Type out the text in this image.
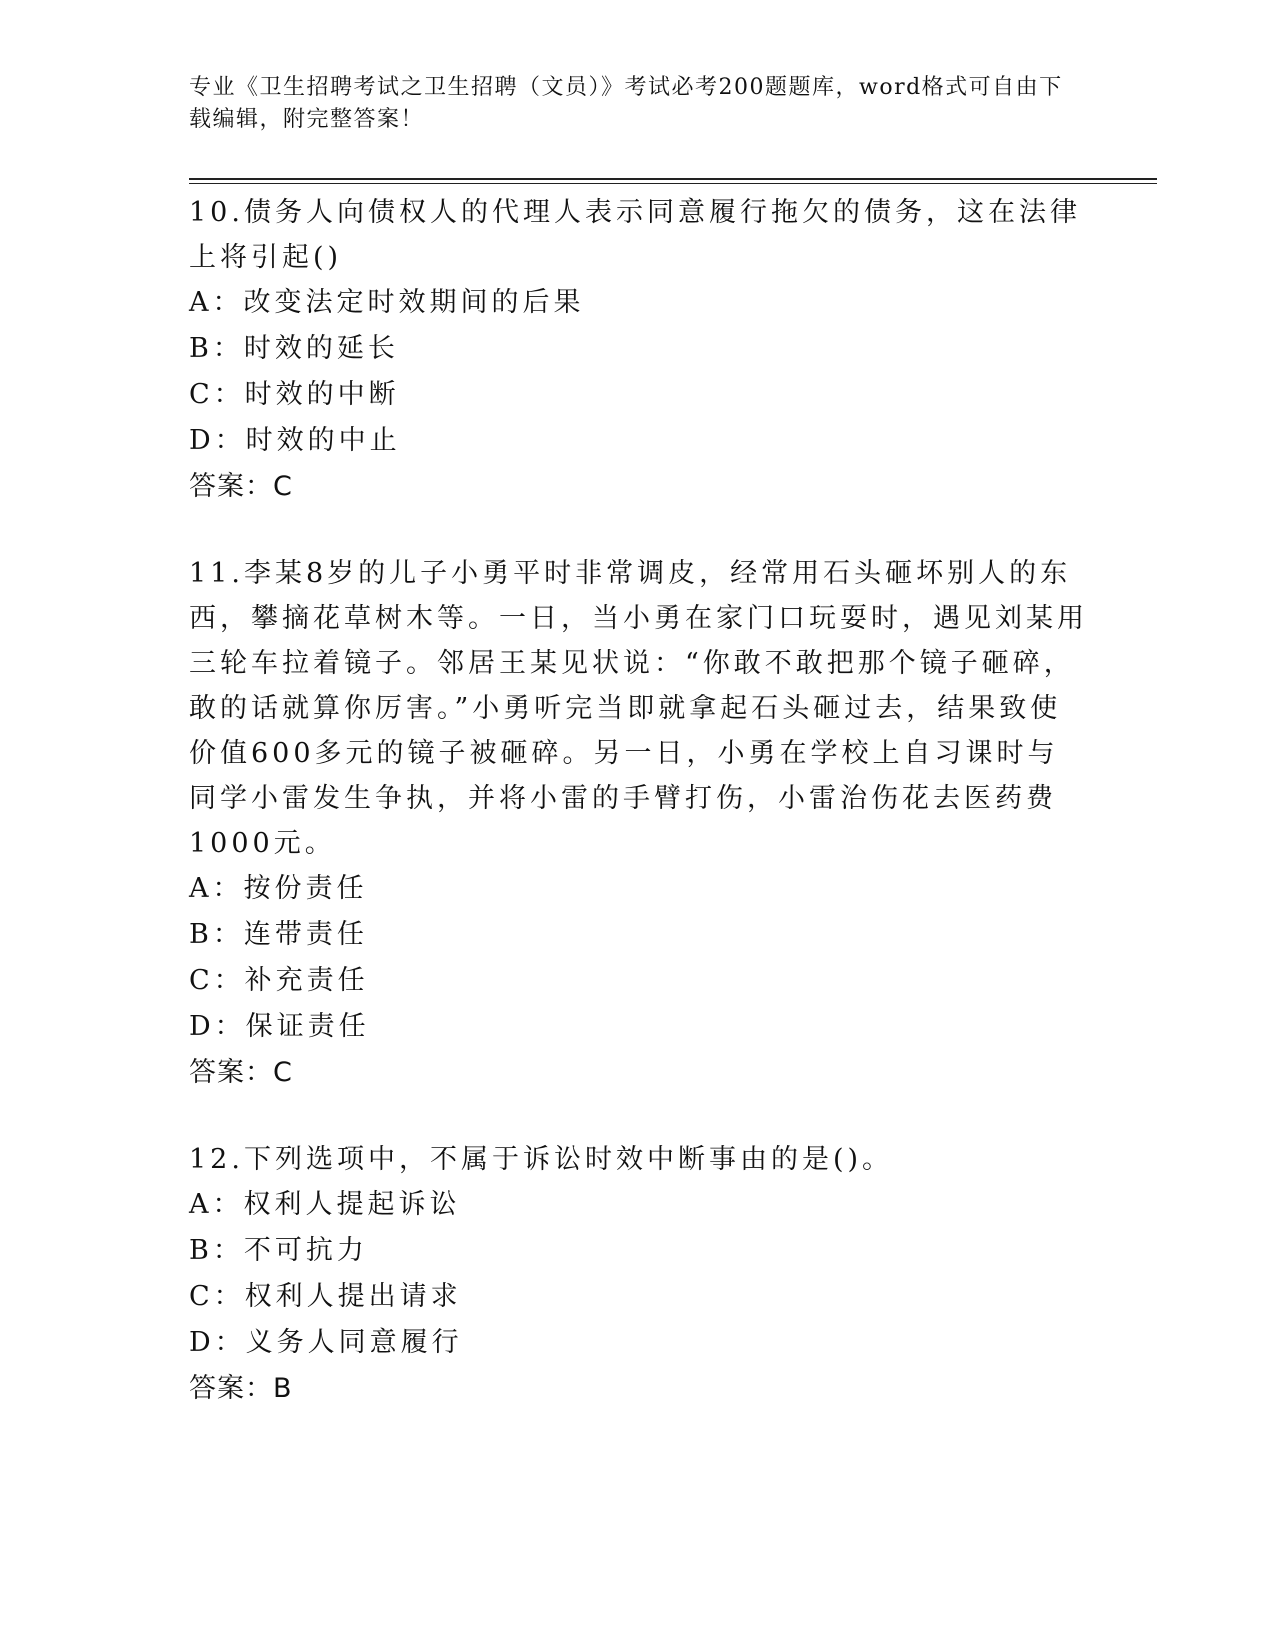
专业《卫生招聘考试之卫生招聘（文员）》考试必考200题题库，word格式可自由下载编辑，附完整答案！

10.债务人向债权人的代理人表示同意履行拖欠的债务，这在法律上将引起()

A：改变法定时效期间的后果

B：时效的延长

C：时效的中断

D：时效的中止

答案：C

11.李某8岁的儿子小勇平时非常调皮，经常用石头砸坏别人的东西，攀摘花草树木等。一日，当小勇在家门口玩耍时，遇见刘某用三轮车拉着镜子。邻居王某见状说：“你敢不敢把那个镜子砸碎，敢的话就算你厉害。”小勇听完当即就拿起石头砸过去，结果致使价值600多元的镜子被砸碎。另一日，小勇在学校上自习课时与同学小雷发生争执，并将小雷的手臂打伤，小雷治伤花去医药费1000元。

A：按份责任

B：连带责任

C：补充责任

D：保证责任

答案：C

12.下列选项中，不属于诉讼时效中断事由的是()。

A：权利人提起诉讼

B：不可抗力

C：权利人提出请求

D：义务人同意履行

答案：B
